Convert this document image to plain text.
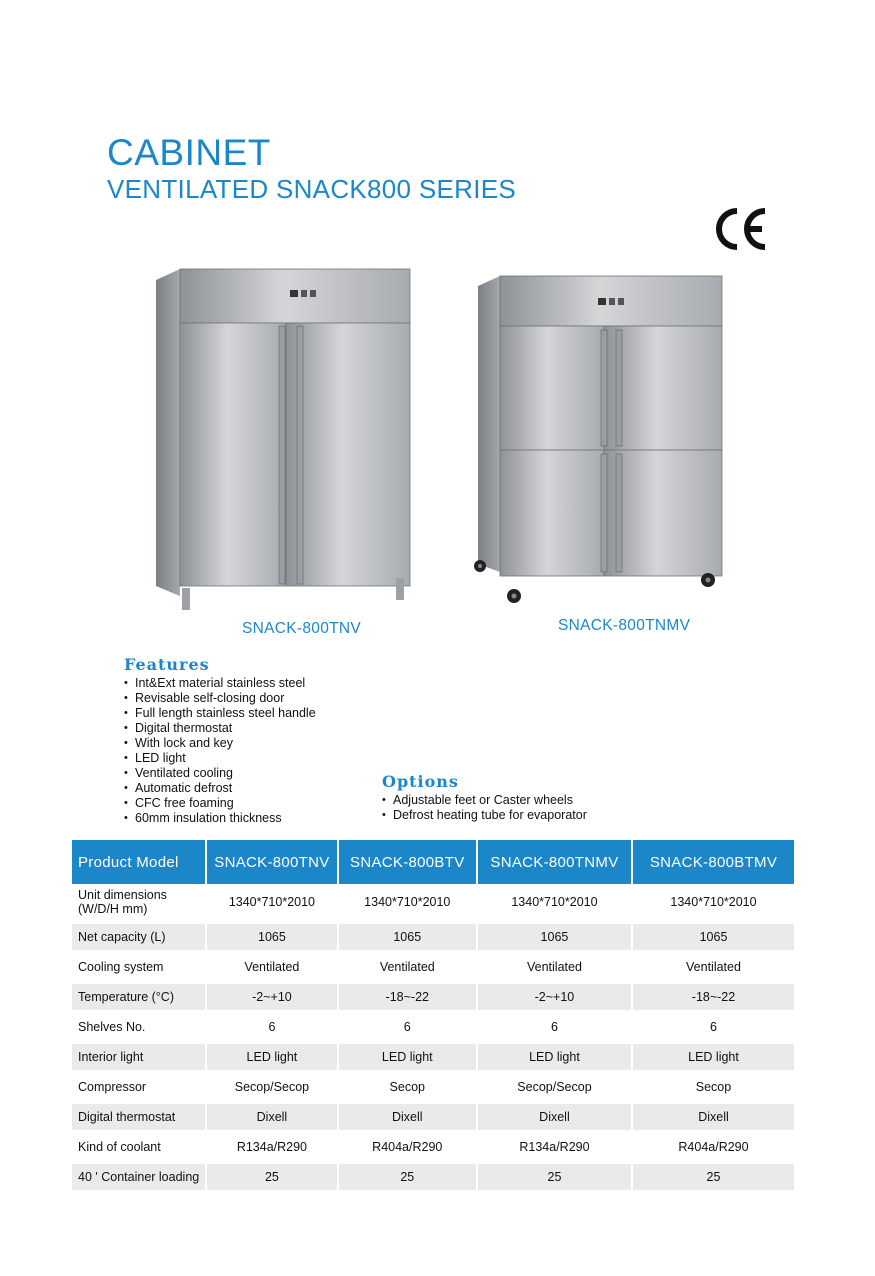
CABINET
VENTILATED SNACK800 SERIES
SNACK-800TNV	SNACK-800TNMV
Features
• Int&Ext material stainless steel
• Revisable self-closing door
• Full length stainless steel handle
• Digital thermostat
• With lock and key
• LED light
• Ventilated cooling
• Automatic defrost
• CFC free foaming
• 60mm insulation thickness
Options
• Adjustable feet or Caster wheels
• Defrost heating tube for evaporator
Product Model	SNACK-800TNV	SNACK-800BTV	SNACK-800TNMV	SNACK-800BTMV
Unit dimensions
(W/D/H mm)	1340*710*2010	1340*710*2010	1340*710*2010	1340*710*2010

Net capacity (L)	1065	1065	1065	1065

Cooling system	Ventilated	Ventilated	Ventilated	Ventilated

Temperature (°C)	-2~+10	-18~-22	-2~+10	-18~-22

Shelves No.	6	6	6	6

Interior light	LED light	LED light	LED light	LED light

Compressor	Secop/Secop	Secop	Secop/Secop	Secop

Digital thermostat	Dixell	Dixell	Dixell	Dixell

Kind of coolant	R134a/R290	R404a/R290	R134a/R290	R404a/R290

40 ' Container loading	25	25	25	25
